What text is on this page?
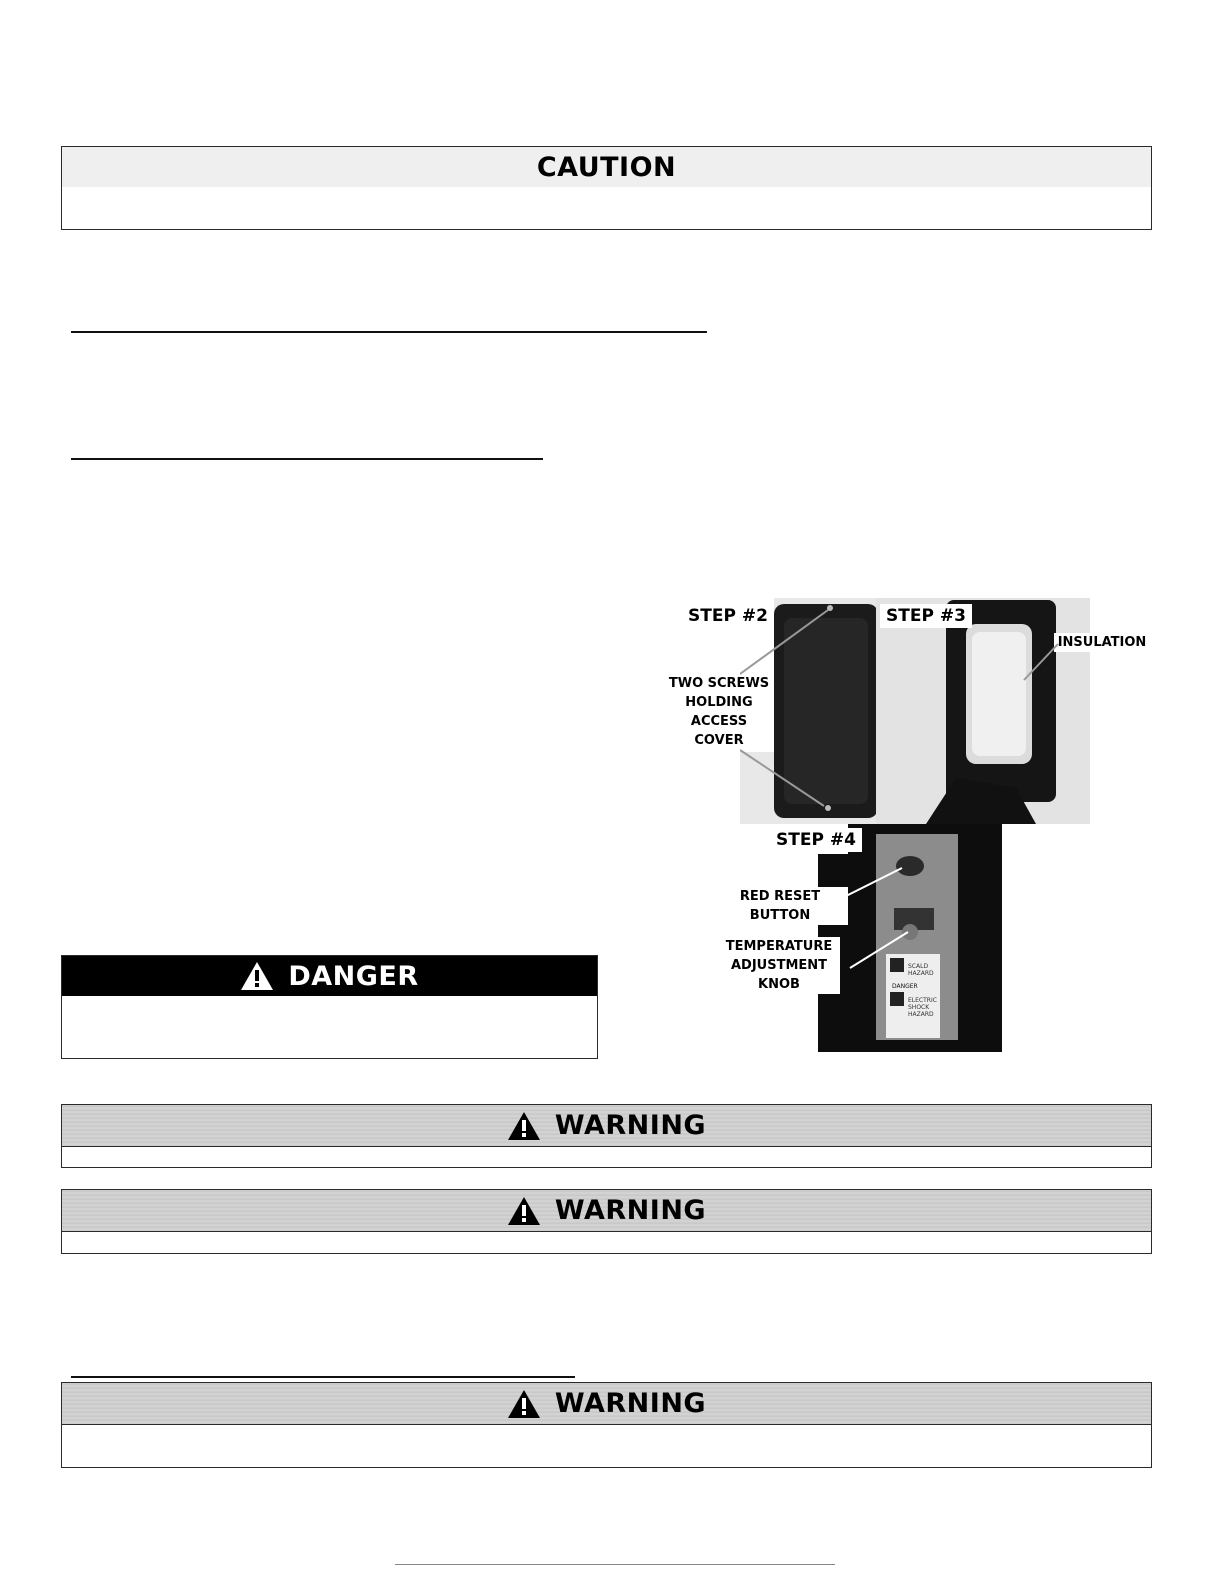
CAUTION
STEP #2
TWO SCREWS
HOLDING
ACCESS
COVER
STEP #3
INSULATION
SCALD
HAZARD
DANGER
ELECTRIC
SHOCK
HAZARD
STEP #4
RED RESET BUTTON
TEMPERATURE
ADJUSTMENT
KNOB
DANGER
WARNING
WARNING
WARNING
